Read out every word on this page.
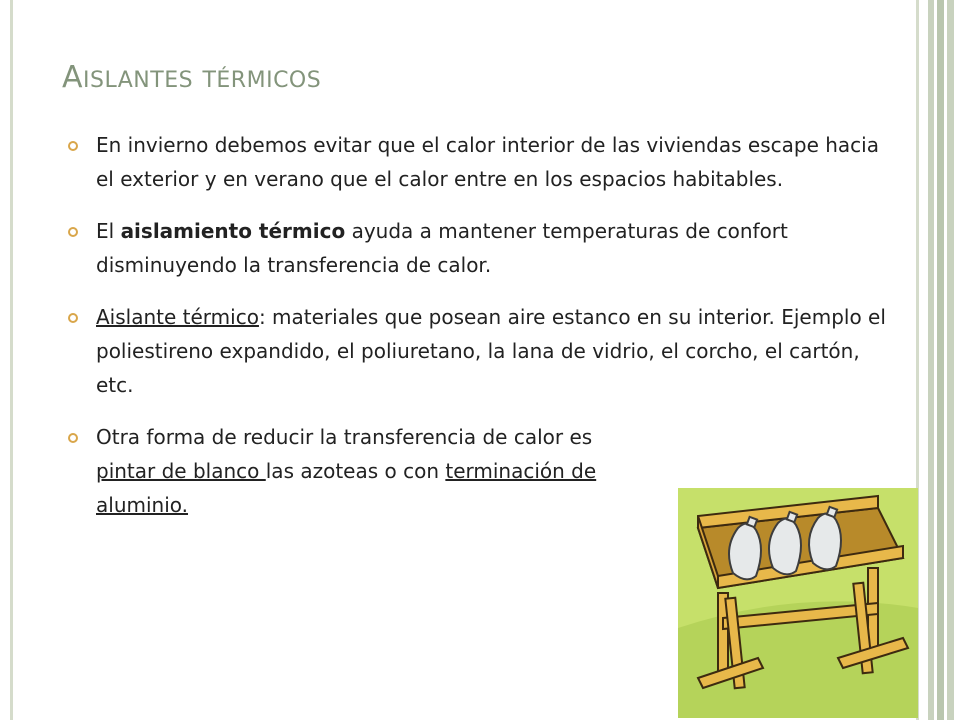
AISLANTES TÉRMICOS
En invierno debemos evitar que el calor interior de las viviendas escape hacia el exterior y en verano que el calor entre en los espacios habitables.
El aislamiento térmico ayuda a mantener temperaturas de confort disminuyendo la transferencia de calor.
Aislante térmico: materiales que posean aire estanco en su interior. Ejemplo el poliestireno expandido, el poliuretano, la lana de vidrio, el corcho, el cartón, etc.
Otra forma de reducir la transferencia de calor es pintar de blanco las azoteas o con terminación de aluminio.
